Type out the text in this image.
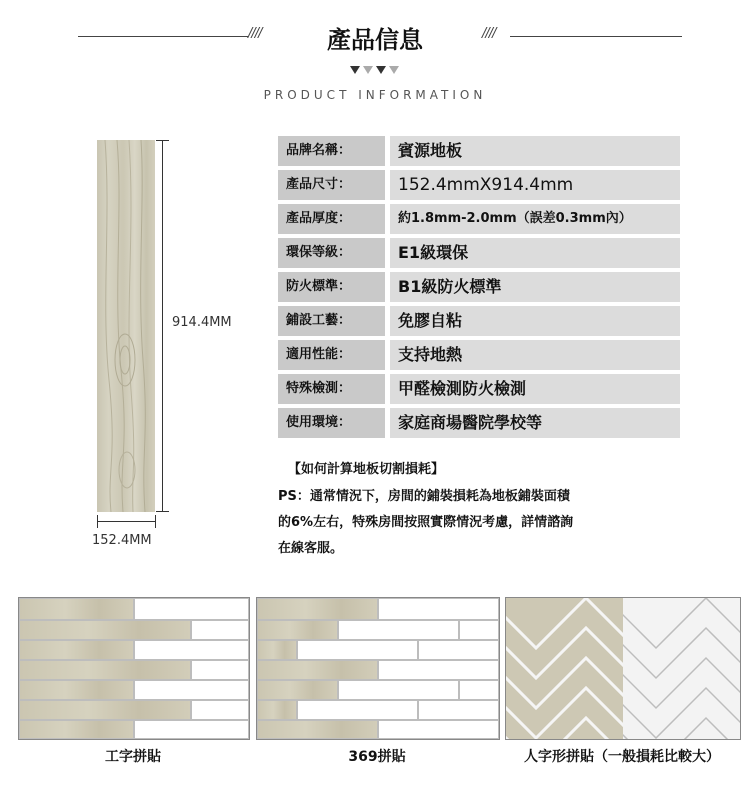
////	產品信息	////
PRODUCT INFORMATION
914.4MM
152.4MM
品牌名稱：	賓源地板
產品尺寸：	152.4mmX914.4mm
產品厚度：	約1.8mm-2.0mm（誤差0.3mm內）
環保等級：	E1級環保
防火標準：	B1級防火標準
鋪設工藝：	免膠自粘
適用性能：	支持地熱
特殊檢測：	甲醛檢測防火檢測
使用環境：	家庭商場醫院學校等
【如何計算地板切割損耗】
PS：通常情況下，房間的鋪裝損耗為地板鋪裝面積
的6%左右，特殊房間按照實際情況考慮，詳情諮詢
在線客服。
工字拼貼	369拼貼	人字形拼貼（一般損耗比較大）
